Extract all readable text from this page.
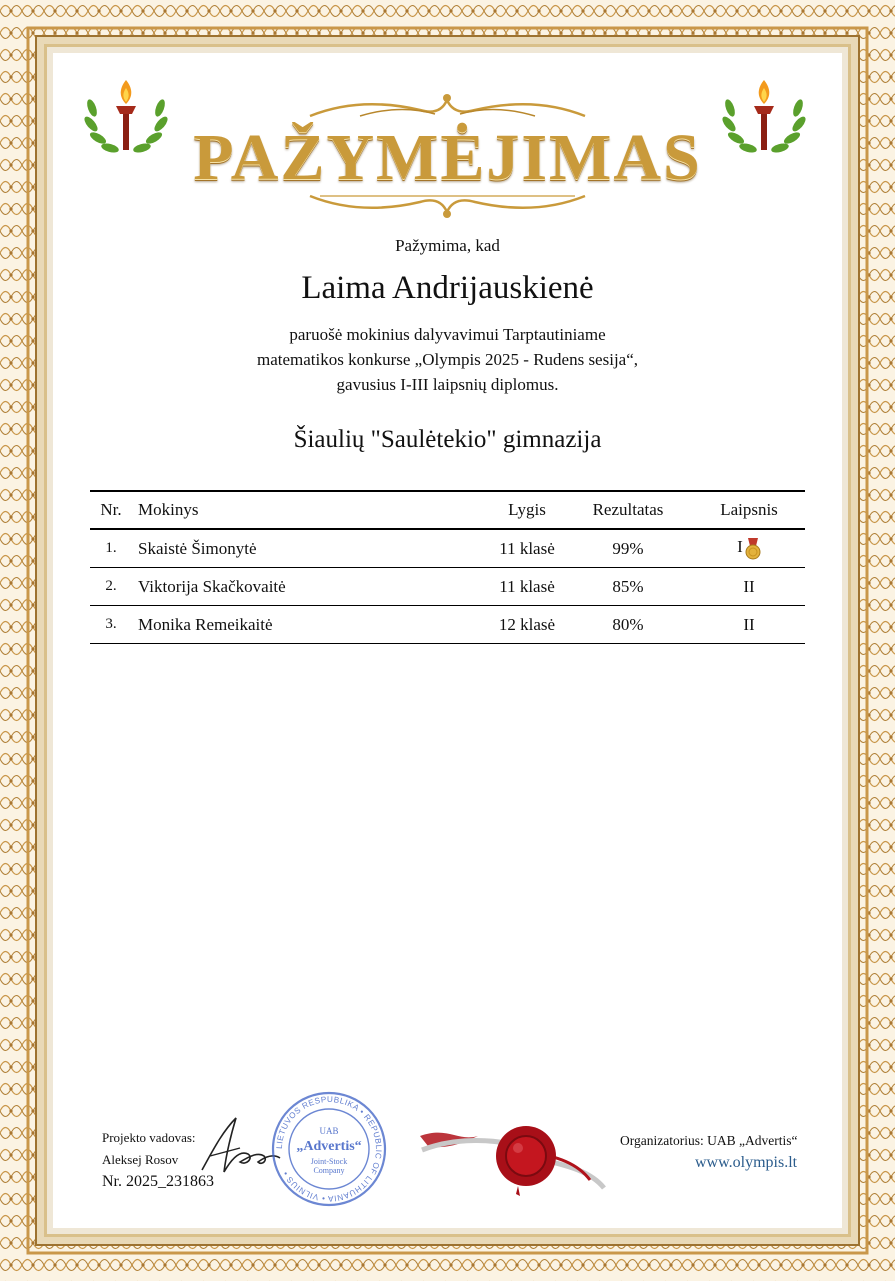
PAŽYMĖJIMAS
Pažymima, kad
Laima Andrijauskienė
paruošė mokinius dalyvavimui Tarptautiniame
matematikos konkurse „Olympis 2025 - Rudens sesija“,
gavusius I-III laipsnių diplomus.
Šiaulių "Saulėtekio" gimnazija
Nr.	Mokinys	Lygis	Rezultatas	Laipsnis
1.	Skaistė Šimonytė	11 klasė	99%	I
2.	Viktorija Skačkovaitė	11 klasė	85%	II
3.	Monika Remeikaitė	12 klasė	80%	II
Projekto vadovas:
Aleksej Rosov
Nr. 2025_231863
LIETUVOS RESPUBLIKA • REPUBLIC OF LITHUANIA • VILNIUS •
UAB
„Advertis“
Joint-Stock
Company
Organizatorius: UAB „Advertis“
www.olympis.lt
